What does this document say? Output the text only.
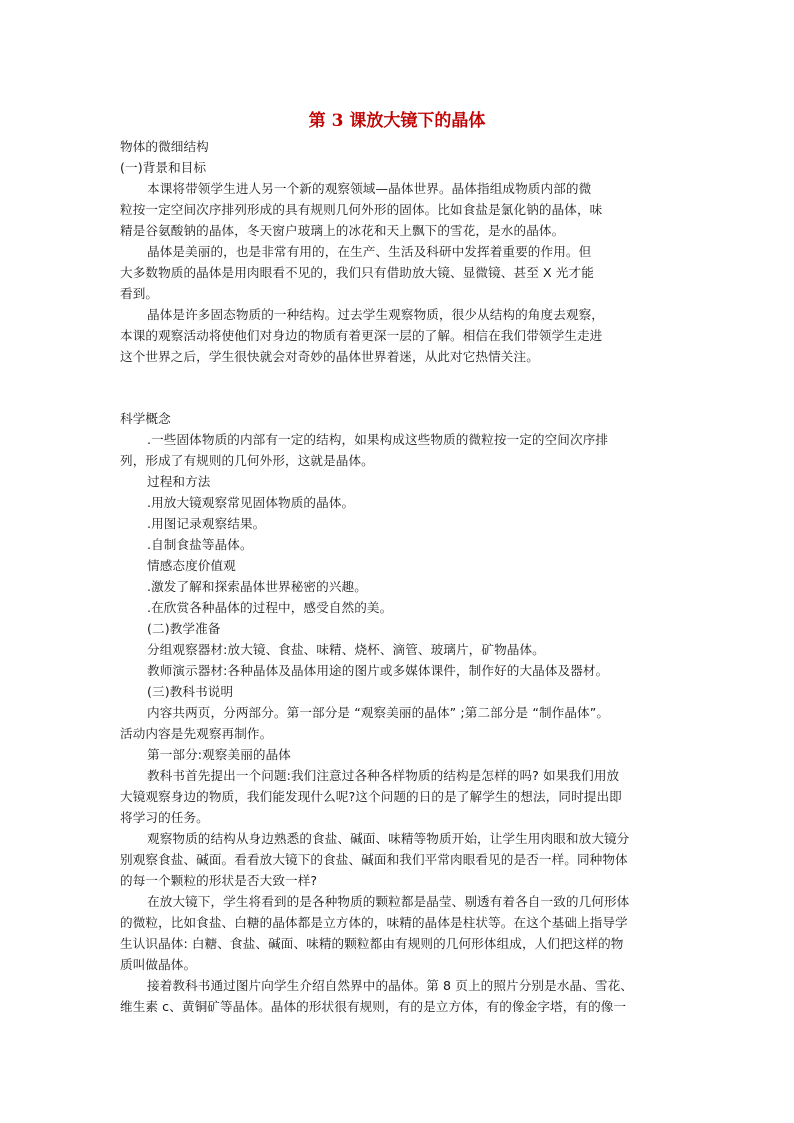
第 3 课放大镜下的晶体

物体的微细结构

(一)背景和目标

本课将带领学生进人另一个新的观察领域—晶体世界。晶体指组成物质内部的微

粒按一定空间次序排列形成的具有规则几何外形的固体。比如食盐是氯化钠的晶体，味

精是谷氨酸钠的晶体，冬天窗户玻璃上的冰花和天上飘下的雪花，是水的晶体。

晶体是美丽的，也是非常有用的，在生产、生活及科研中发挥着重要的作用。但

大多数物质的晶体是用肉眼看不见的，我们只有借助放大镜、显微镜、甚至 X 光才能

看到。

晶体是许多固态物质的一种结构。过去学生观察物质，很少从结构的角度去观察，

本课的观察活动将使他们对身边的物质有着更深一层的了解。相信在我们带领学生走进

这个世界之后，学生很快就会对奇妙的晶体世界着迷，从此对它热情关注。

科学概念

.一些固体物质的内部有一定的结构，如果构成这些物质的微粒按一定的空间次序排

列，形成了有规则的几何外形，这就是晶体。

过程和方法

.用放大镜观察常见固体物质的晶体。

.用图记录观察结果。

.自制食盐等晶体。

情感态度价值观

.激发了解和探索晶体世界秘密的兴趣。

.在欣赏各种晶体的过程中，感受自然的美。

(二)教学准备

分组观察器材:放大镜、食盐、味精、烧杯、滴管、玻璃片，矿物晶体。

教师演示器材:各种晶体及晶体用途的图片或多媒体课件，制作好的大晶体及器材。

(三)教科书说明

内容共两页，分两部分。第一部分是 “观察美丽的晶体” ;第二部分是 “制作晶体”。

活动内容是先观察再制作。

第一部分:观察美丽的晶体

教科书首先提出一个问题:我们注意过各种各样物质的结构是怎样的吗? 如果我们用放

大镜观察身边的物质，我们能发现什么呢?这个问题的日的是了解学生的想法，同时提出即

将学习的任务。

观察物质的结构从身边熟悉的食盐、碱面、味精等物质开始，让学生用肉眼和放大镜分

别观察食盐、碱面。看看放大镜下的食盐、碱面和我们平常肉眼看见的是否一样。同种物体

的每一个颗粒的形状是否大致一样?

在放大镜下，学生将看到的是各种物质的颗粒都是晶莹、剔透有着各自一致的几何形体

的微粒，比如食盐、白糖的晶体都是立方体的，味精的晶体是柱状等。在这个基础上指导学

生认识晶体: 白糖、食盐、碱面、味精的颗粒都由有规则的几何形体组成，人们把这样的物

质叫做晶体。

接着教科书通过图片向学生介绍自然界中的晶体。第 8 页上的照片分别是水晶、雪花、

维生素 c、黄铜矿等晶体。晶体的形状很有规则，有的是立方体，有的像金字塔，有的像一
